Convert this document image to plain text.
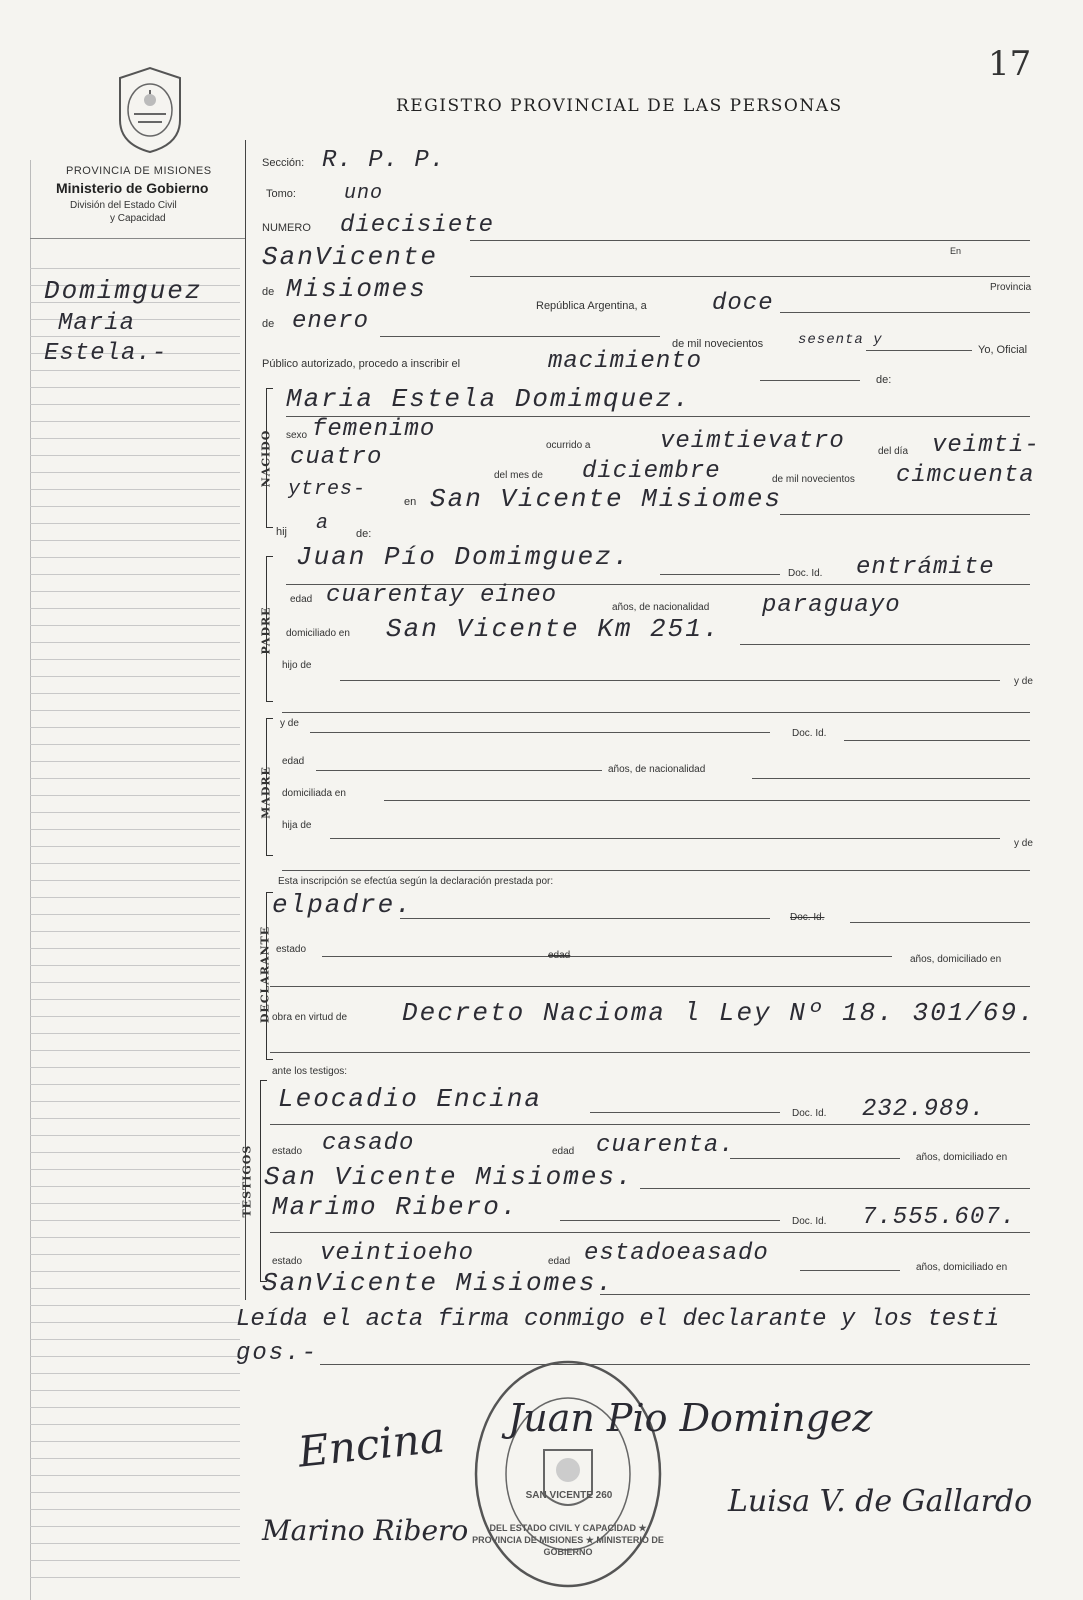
17
REGISTRO PROVINCIAL DE LAS PERSONAS
PROVINCIA DE MISIONES
Ministerio de Gobierno
División del Estado Civil
y Capacidad
Domimguez
Maria
Estela.-
Sección: R. P. P.
Tomo: uno
NUMERO diecisiete
En
SanVicente
Provincia
de Misiomes
República Argentina, a	doce
de enero
de mil novecientos sesenta y
Yo, Oficial
Público autorizado, procedo a inscribir el	macimiento
de:
NACIDO
Maria Estela Domimquez.
sexo femenimo
ocurrido a	veimtievatro	del día veimti-
cuatro
del mes de diciembre	de mil novecientos cimcuenta
ytres-
en San Vicente Misiomes
hij a de:
PADRE
Juan Pío Domimguez.
Doc. Id. entrámite
edad cuarentay eineo	años, de nacionalidad paraguayo
domiciliado en San Vicente Km 251.
hijo de
y de
MADRE
y de
Doc. Id.
edad
años, de nacionalidad
domiciliada en
hija de
y de
Esta inscripción se efectúa según la declaración prestada por:
DECLARANTE
elpadre.	Doc. Id.
estado
edad	años, domiciliado en
obra en virtud de Decreto Nacioma l Ley Nº 18. 301/69.
ante los testigos:
TESTIGOS
Leocadio Encina	Doc. Id. 232.989.
estado casado	edad cuarenta.	años, domiciliado en
San Vicente Misiomes.
Marimo Ribero.	Doc. Id. 7.555.607.
estado veintioeho	edad estadoeasado
años, domiciliado en
SanVicente Misiomes.
Leída el acta firma conmigo el declarante y los testi
gos.-
SAN VICENTE 260
DEL ESTADO CIVIL Y CAPACIDAD ★ PROVINCIA DE MISIONES ★ MINISTERIO DE GOBIERNO
Encina Juan Pio Domingez
Marino Ribero
Luisa V. de Gallardo
